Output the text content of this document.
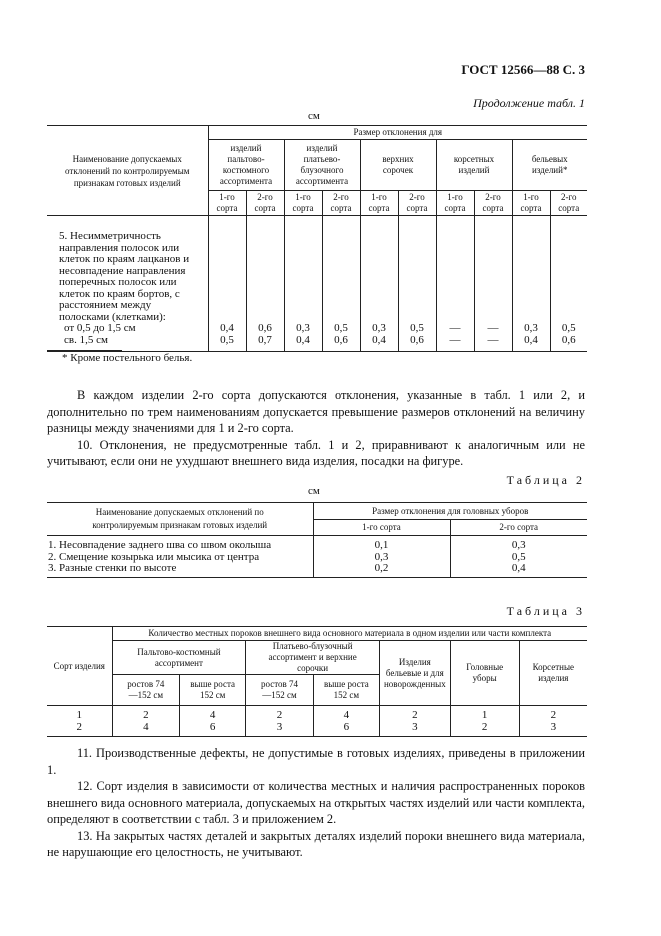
ГОСТ 12566—88 С. 3
Продолжение табл. 1
см
Наименование допускаемых отклонений по контролируемым признакам готовых изделий	Размер отклонения для									
	изделий пальтово-костюмного ассортимента		изделий платьево-блузочного ассортимента		верхних сорочек		корсетных изделий		бельевых изделий*	
	1-го сорта	2-го сорта	1-го сорта	2-го сорта	1-го сорта	2-го сорта	1-го сорта	2-го сорта	1-го сорта	2-го сорта
5. Несимметричность направления полосок или клеток по краям лацканов и несовпадение направления поперечных полосок или клеток по краям бортов, с расстоянием между полосками (клетками):										
от 0,5 до 1,5 см	0,4	0,6	0,3	0,5	0,3	0,5	—	—	0,3	0,5
св. 1,5 см	0,5	0,7	0,4	0,6	0,4	0,6	—	—	0,4	0,6
* Кроме постельного белья.

В каждом изделии 2-го сорта допускаются отклонения, указанные в табл. 1 или 2, и дополнительно по трем наименованиям допускается превышение размеров отклонений на величину разницы между значениями для 1 и 2-го сорта.

10. Отклонения, не предусмотренные табл. 1 и 2, приравнивают к аналогичным или не учитывают, если они не ухудшают внешнего вида изделия, посадки на фигуре.

Таблица 2
см
Наименование допускаемых отклонений по контролируемым признакам готовых изделий	Размер отклонения для головных уборов	
	1-го сорта	2-го сорта
1. Несовпадение заднего шва со швом околыша	0,1	0,3
2. Смещение козырька или мысика от центра	0,3	0,5
3. Разные стенки по высоте	0,2	0,4
Таблица 3
Сорт изделия	Количество местных пороков внешнего вида основного материала в одном изделии или части комплекта						
	Пальтово-костюмный ассортимент		Платьево-блузочный ассортимент и верхние сорочки		Изделия бельевые и для новорожденных	Головные уборы	Корсетные изделия
	ростов 74—152 см	выше роста 152 см	ростов 74—152 см	выше роста 152 см			
1	2	4	2	4	2	1	2
2	4	6	3	6	3	2	3

11. Производственные дефекты, не допустимые в готовых изделиях, приведены в приложении 1.

12. Сорт изделия в зависимости от количества местных и наличия распространенных пороков внешнего вида основного материала, допускаемых на открытых частях изделий или части комплекта, определяют в соответствии с табл. 3 и приложением 2.

13. На закрытых частях деталей и закрытых деталях изделий пороки внешнего вида материала, не нарушающие его целостность, не учитывают.
